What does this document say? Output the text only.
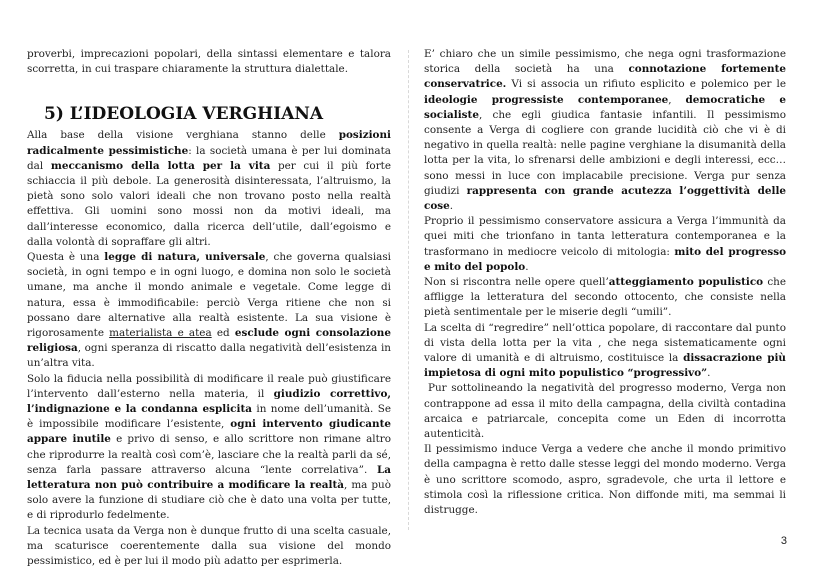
proverbi, imprecazioni popolari, della sintassi elementare e talora scorretta, in cui traspare chiaramente la struttura dialettale.

5) L’IDEOLOGIA VERGHIANA

Alla base della visione verghiana stanno delle posizioni radicalmente pessimistiche: la società umana è per lui dominata dal meccanismo della lotta per la vita per cui il più forte schiaccia il più debole. La generosità disinteressata, l’altruismo, la pietà sono solo valori ideali che non trovano posto nella realtà effettiva. Gli uomini sono mossi non da motivi ideali, ma dall’interesse economico, dalla ricerca dell’utile, dall’egoismo e dalla volontà di sopraffare gli altri.

Questa è una legge di natura, universale, che governa qualsiasi società, in ogni tempo e in ogni luogo, e domina non solo le società umane, ma anche il mondo animale e vegetale. Come legge di natura, essa è immodificabile: perciò Verga ritiene che non si possano dare alternative alla realtà esistente. La sua visione è rigorosamente materialista e atea ed esclude ogni consolazione religiosa, ogni speranza di riscatto dalla negatività dell’esistenza in un’altra vita.

Solo la fiducia nella possibilità di modificare il reale può giustificare l’intervento dall’esterno nella materia, il giudizio correttivo, l’indignazione e la condanna esplicita in nome dell’umanità. Se è impossibile modificare l’esistente, ogni intervento giudicante appare inutile e privo di senso, e allo scrittore non rimane altro che riprodurre la realtà così com’è, lasciare che la realtà parli da sé, senza farla passare attraverso alcuna “lente correlativa”. La letteratura non può contribuire a modificare la realtà, ma può solo avere la funzione di studiare ciò che è dato una volta per tutte, e di riprodurlo fedelmente.

La tecnica usata da Verga non è dunque frutto di una scelta casuale, ma scaturisce coerentemente dalla sua visione del mondo pessimistico, ed è per lui il modo più adatto per esprimerla.

E’ chiaro che un simile pessimismo, che nega ogni trasformazione storica della società ha una connotazione fortemente conservatrice. Vi si associa un rifiuto esplicito e polemico per le ideologie progressiste contemporanee, democratiche e socialiste, che egli giudica fantasie infantili. Il pessimismo consente a Verga di cogliere con grande lucidità ciò che vi è di negativo in quella realtà: nelle pagine verghiane la disumanità della lotta per la vita, lo sfrenarsi delle ambizioni e degli interessi, ecc… sono messi in luce con implacabile precisione. Verga pur senza giudizi rappresenta con grande acutezza l’oggettività delle cose.

Proprio il pessimismo conservatore assicura a Verga l’immunità da quei miti che trionfano in tanta letteratura contemporanea e la trasformano in mediocre veicolo di mitologia: mito del progresso e mito del popolo.

Non si riscontra nelle opere quell’atteggiamento populistico che affligge la letteratura del secondo ottocento, che consiste nella pietà sentimentale per le miserie degli “umili”.

La scelta di “regredire” nell’ottica popolare, di raccontare dal punto di vista della lotta per la vita , che nega sistematicamente ogni valore di umanità e di altruismo, costituisce la dissacrazione più impietosa di ogni mito populistico “progressivo”.

Pur sottolineando la negatività del progresso moderno, Verga non contrappone ad essa il mito della campagna, della civiltà contadina arcaica e patriarcale, concepita come un Eden di incorrotta autenticità.

Il pessimismo induce Verga a vedere che anche il mondo primitivo della campagna è retto dalle stesse leggi del mondo moderno. Verga è uno scrittore scomodo, aspro, sgradevole, che urta il lettore e stimola così la riflessione critica. Non diffonde miti, ma semmai li distrugge.

3
